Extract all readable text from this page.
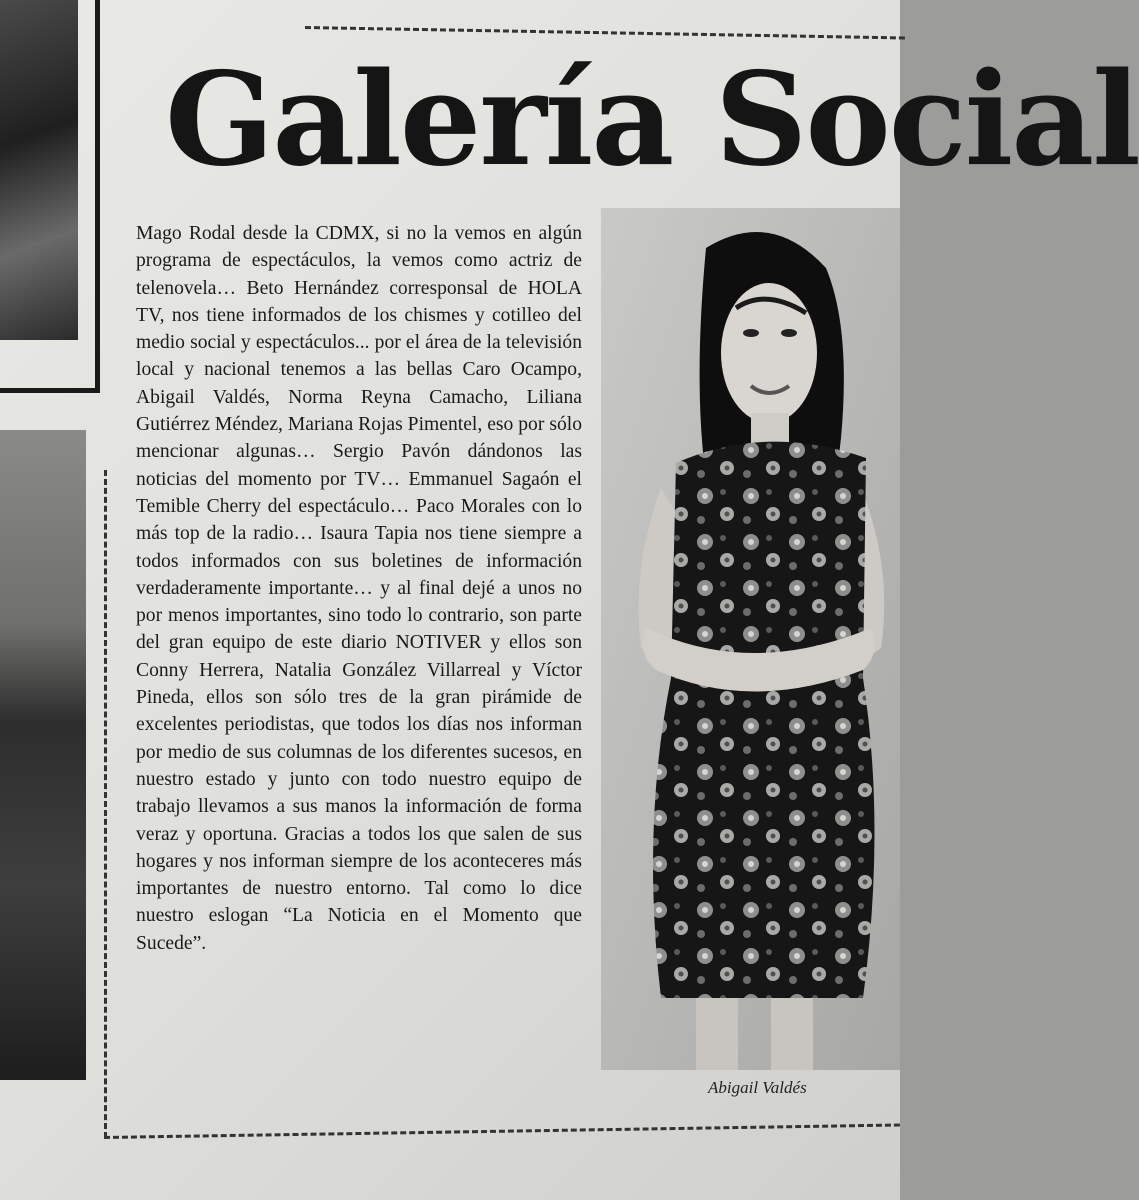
Galería Social

Mago Rodal desde la CDMX, si no la vemos en algún programa de espectáculos, la vemos como actriz de telenovela… Beto Hernández corresponsal de HOLA TV, nos tiene informados de los chismes y cotilleo del medio social y espectáculos... por el área de la televisión local y nacional tenemos a las bellas Caro Ocampo, Abigail Valdés, Norma Reyna Camacho, Liliana Gutiérrez Méndez, Mariana Rojas Pimentel, eso por sólo mencionar algunas… Sergio Pavón dándonos las noticias del momento por TV… Emmanuel Sagaón el Temible Cherry del espectáculo… Paco Morales con lo más top de la radio… Isaura Tapia nos tiene siempre a todos informados con sus boletines de información verdaderamente importante… y al final dejé a unos no por menos importantes, sino todo lo contrario, son parte del gran equipo de este diario NOTIVER y ellos son Conny Herrera, Natalia González Villarreal y Víctor Pineda, ellos son sólo tres de la gran pirámide de excelentes periodistas, que todos los días nos informan por medio de sus columnas de los diferentes sucesos, en nuestro estado y junto con todo nuestro equipo de trabajo llevamos a sus manos la información de forma veraz y oportuna. Gracias a todos los que salen de sus hogares y nos informan siempre de los aconteceres más importantes de nuestro entorno. Tal como lo dice nuestro eslogan “La Noticia en el Momento que Sucede”.

Abigail Valdés
